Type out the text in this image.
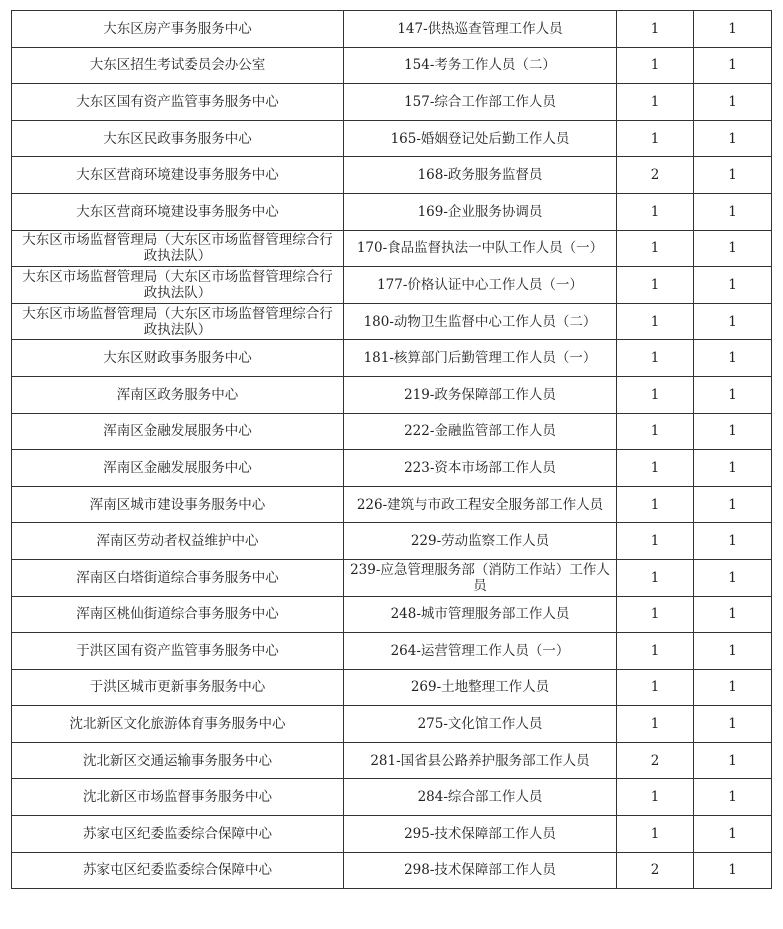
大东区房产事务服务中心	147-供热巡查管理工作人员	1	1
大东区招生考试委员会办公室	154-考务工作人员（二）	1	1
大东区国有资产监管事务服务中心	157-综合工作部工作人员	1	1
大东区民政事务服务中心	165-婚姻登记处后勤工作人员	1	1
大东区营商环境建设事务服务中心	168-政务服务监督员	2	1
大东区营商环境建设事务服务中心	169-企业服务协调员	1	1
大东区市场监督管理局（大东区市场监督管理综合行政执法队）	170-食品监督执法一中队工作人员（一）	1	1
大东区市场监督管理局（大东区市场监督管理综合行政执法队）	177-价格认证中心工作人员（一）	1	1
大东区市场监督管理局（大东区市场监督管理综合行政执法队）	180-动物卫生监督中心工作人员（二）	1	1
大东区财政事务服务中心	181-核算部门后勤管理工作人员（一）	1	1
浑南区政务服务中心	219-政务保障部工作人员	1	1
浑南区金融发展服务中心	222-金融监管部工作人员	1	1
浑南区金融发展服务中心	223-资本市场部工作人员	1	1
浑南区城市建设事务服务中心	226-建筑与市政工程安全服务部工作人员	1	1
浑南区劳动者权益维护中心	229-劳动监察工作人员	1	1
浑南区白塔街道综合事务服务中心	239-应急管理服务部（消防工作站）工作人员	1	1
浑南区桃仙街道综合事务服务中心	248-城市管理服务部工作人员	1	1
于洪区国有资产监管事务服务中心	264-运营管理工作人员（一）	1	1
于洪区城市更新事务服务中心	269-土地整理工作人员	1	1
沈北新区文化旅游体育事务服务中心	275-文化馆工作人员	1	1
沈北新区交通运输事务服务中心	281-国省县公路养护服务部工作人员	2	1
沈北新区市场监督事务服务中心	284-综合部工作人员	1	1
苏家屯区纪委监委综合保障中心	295-技术保障部工作人员	1	1
苏家屯区纪委监委综合保障中心	298-技术保障部工作人员	2	1
